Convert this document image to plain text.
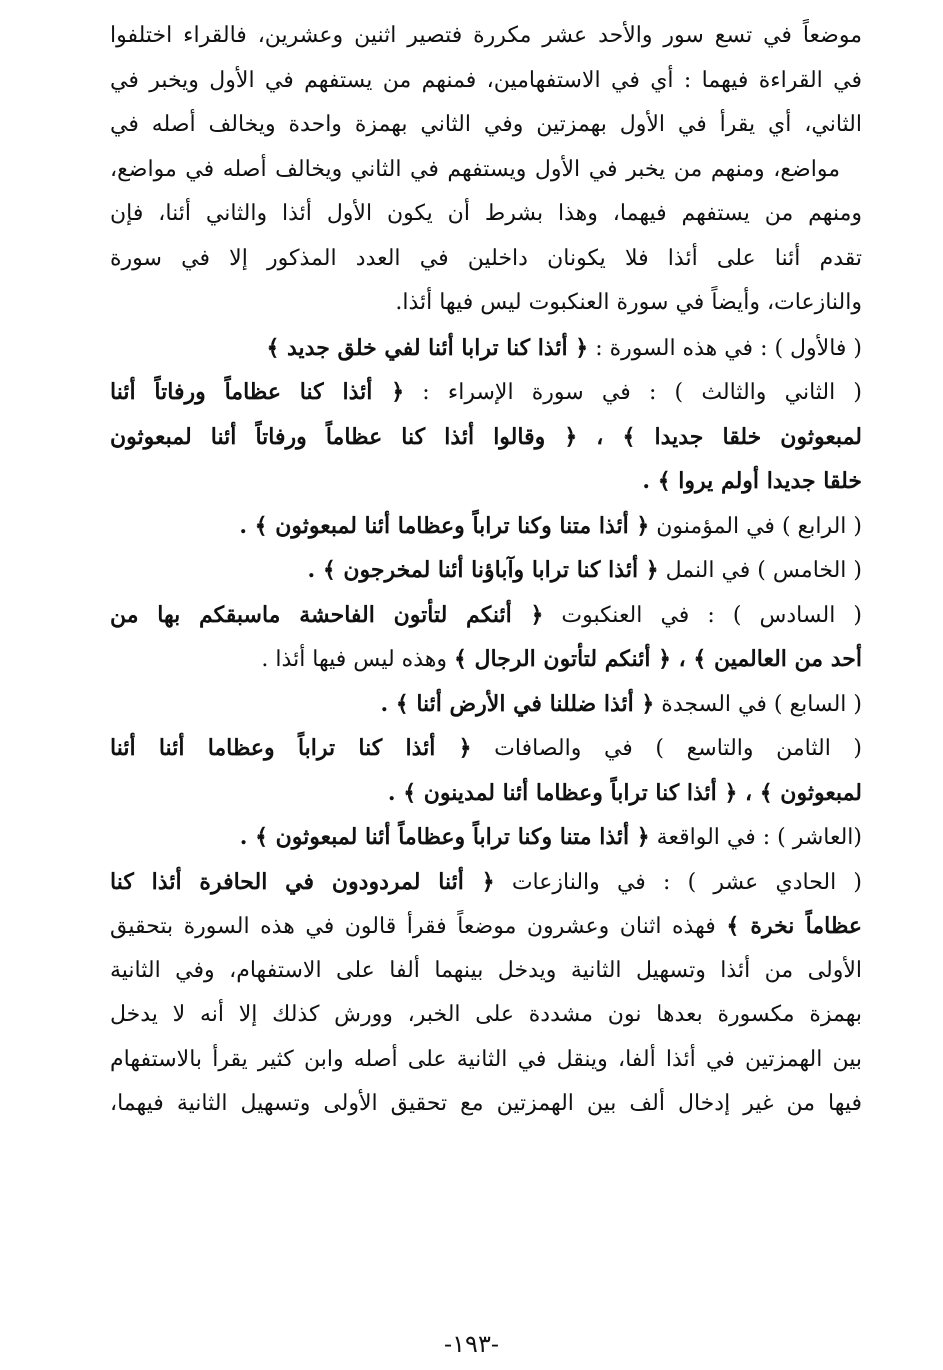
موضعاً في تسع سور والأحد عشر مكررة فتصير اثنين وعشرين، فالقراء اختلفوا
في القراءة فيهما : أي في الاستفهامين، فمنهم من يستفهم في الأول ويخبر في
الثاني، أي يقرأ في الأول بهمزتين وفي الثاني بهمزة واحدة ويخالف أصله في
مواضع، ومنهم من يخبر في الأول ويستفهم في الثاني ويخالف أصله في مواضع،
ومنهم من يستفهم فيهما، وهذا بشرط أن يكون الأول أئذا والثاني أئنا، فإن
تقدم أئنا على أئذا فلا يكونان داخلين في العدد المذكور إلا في سورة
والنازعات، وأيضاً في سورة العنكبوت ليس فيها أئذا.
( فالأول ) : في هذه السورة : ﴿ أئذا كنا ترابا أئنا لفي خلق جديد ﴾
( الثاني والثالث ) : في سورة الإسراء : ﴿ أئذا كنا عظاماً ورفاتاً أئنا
لمبعوثون خلقا جديدا ﴾ ، ﴿ وقالوا أئذا كنا عظاماً ورفاتاً أئنا لمبعوثون
خلقا جديدا أولم يروا ﴾ .
( الرابع ) في المؤمنون ﴿ أئذا متنا وكنا تراباً وعظاما أئنا لمبعوثون ﴾ .
( الخامس ) في النمل ﴿ أئذا كنا ترابا وآباؤنا أئنا لمخرجون ﴾ .
( السادس ) : في العنكبوت ﴿ أئنكم لتأتون الفاحشة ماسبقكم بها من
أحد من العالمين ﴾ ، ﴿ أئنكم لتأتون الرجال ﴾ وهذه ليس فيها أئذا .
( السابع ) في السجدة ﴿ أئذا ضللنا في الأرض أئنا ﴾ .
( الثامن والتاسع ) في والصافات ﴿ أئذا كنا تراباً وعظاما أئنا أئنا
لمبعوثون ﴾ ، ﴿ أئذا كنا تراباً وعظاما أئنا لمدينون ﴾ .
(العاشر ) : في الواقعة ﴿ أئذا متنا وكنا تراباً وعظاماً أئنا لمبعوثون ﴾ .
( الحادي عشر ) : في والنازعات ﴿ أئنا لمردودون في الحافرة أئذا كنا
عظاماً نخرة ﴾ فهذه اثنان وعشرون موضعاً فقرأ قالون في هذه السورة بتحقيق
الأولى من أئذا وتسهيل الثانية ويدخل بينهما ألفا على الاستفهام، وفي الثانية
بهمزة مكسورة بعدها نون مشددة على الخبر، وورش كذلك إلا أنه لا يدخل
بين الهمزتين في أئذا ألفا، وينقل في الثانية على أصله وابن كثير يقرأ بالاستفهام
فيها من غير إدخال ألف بين الهمزتين مع تحقيق الأولى وتسهيل الثانية فيهما،
-١٩٣-
